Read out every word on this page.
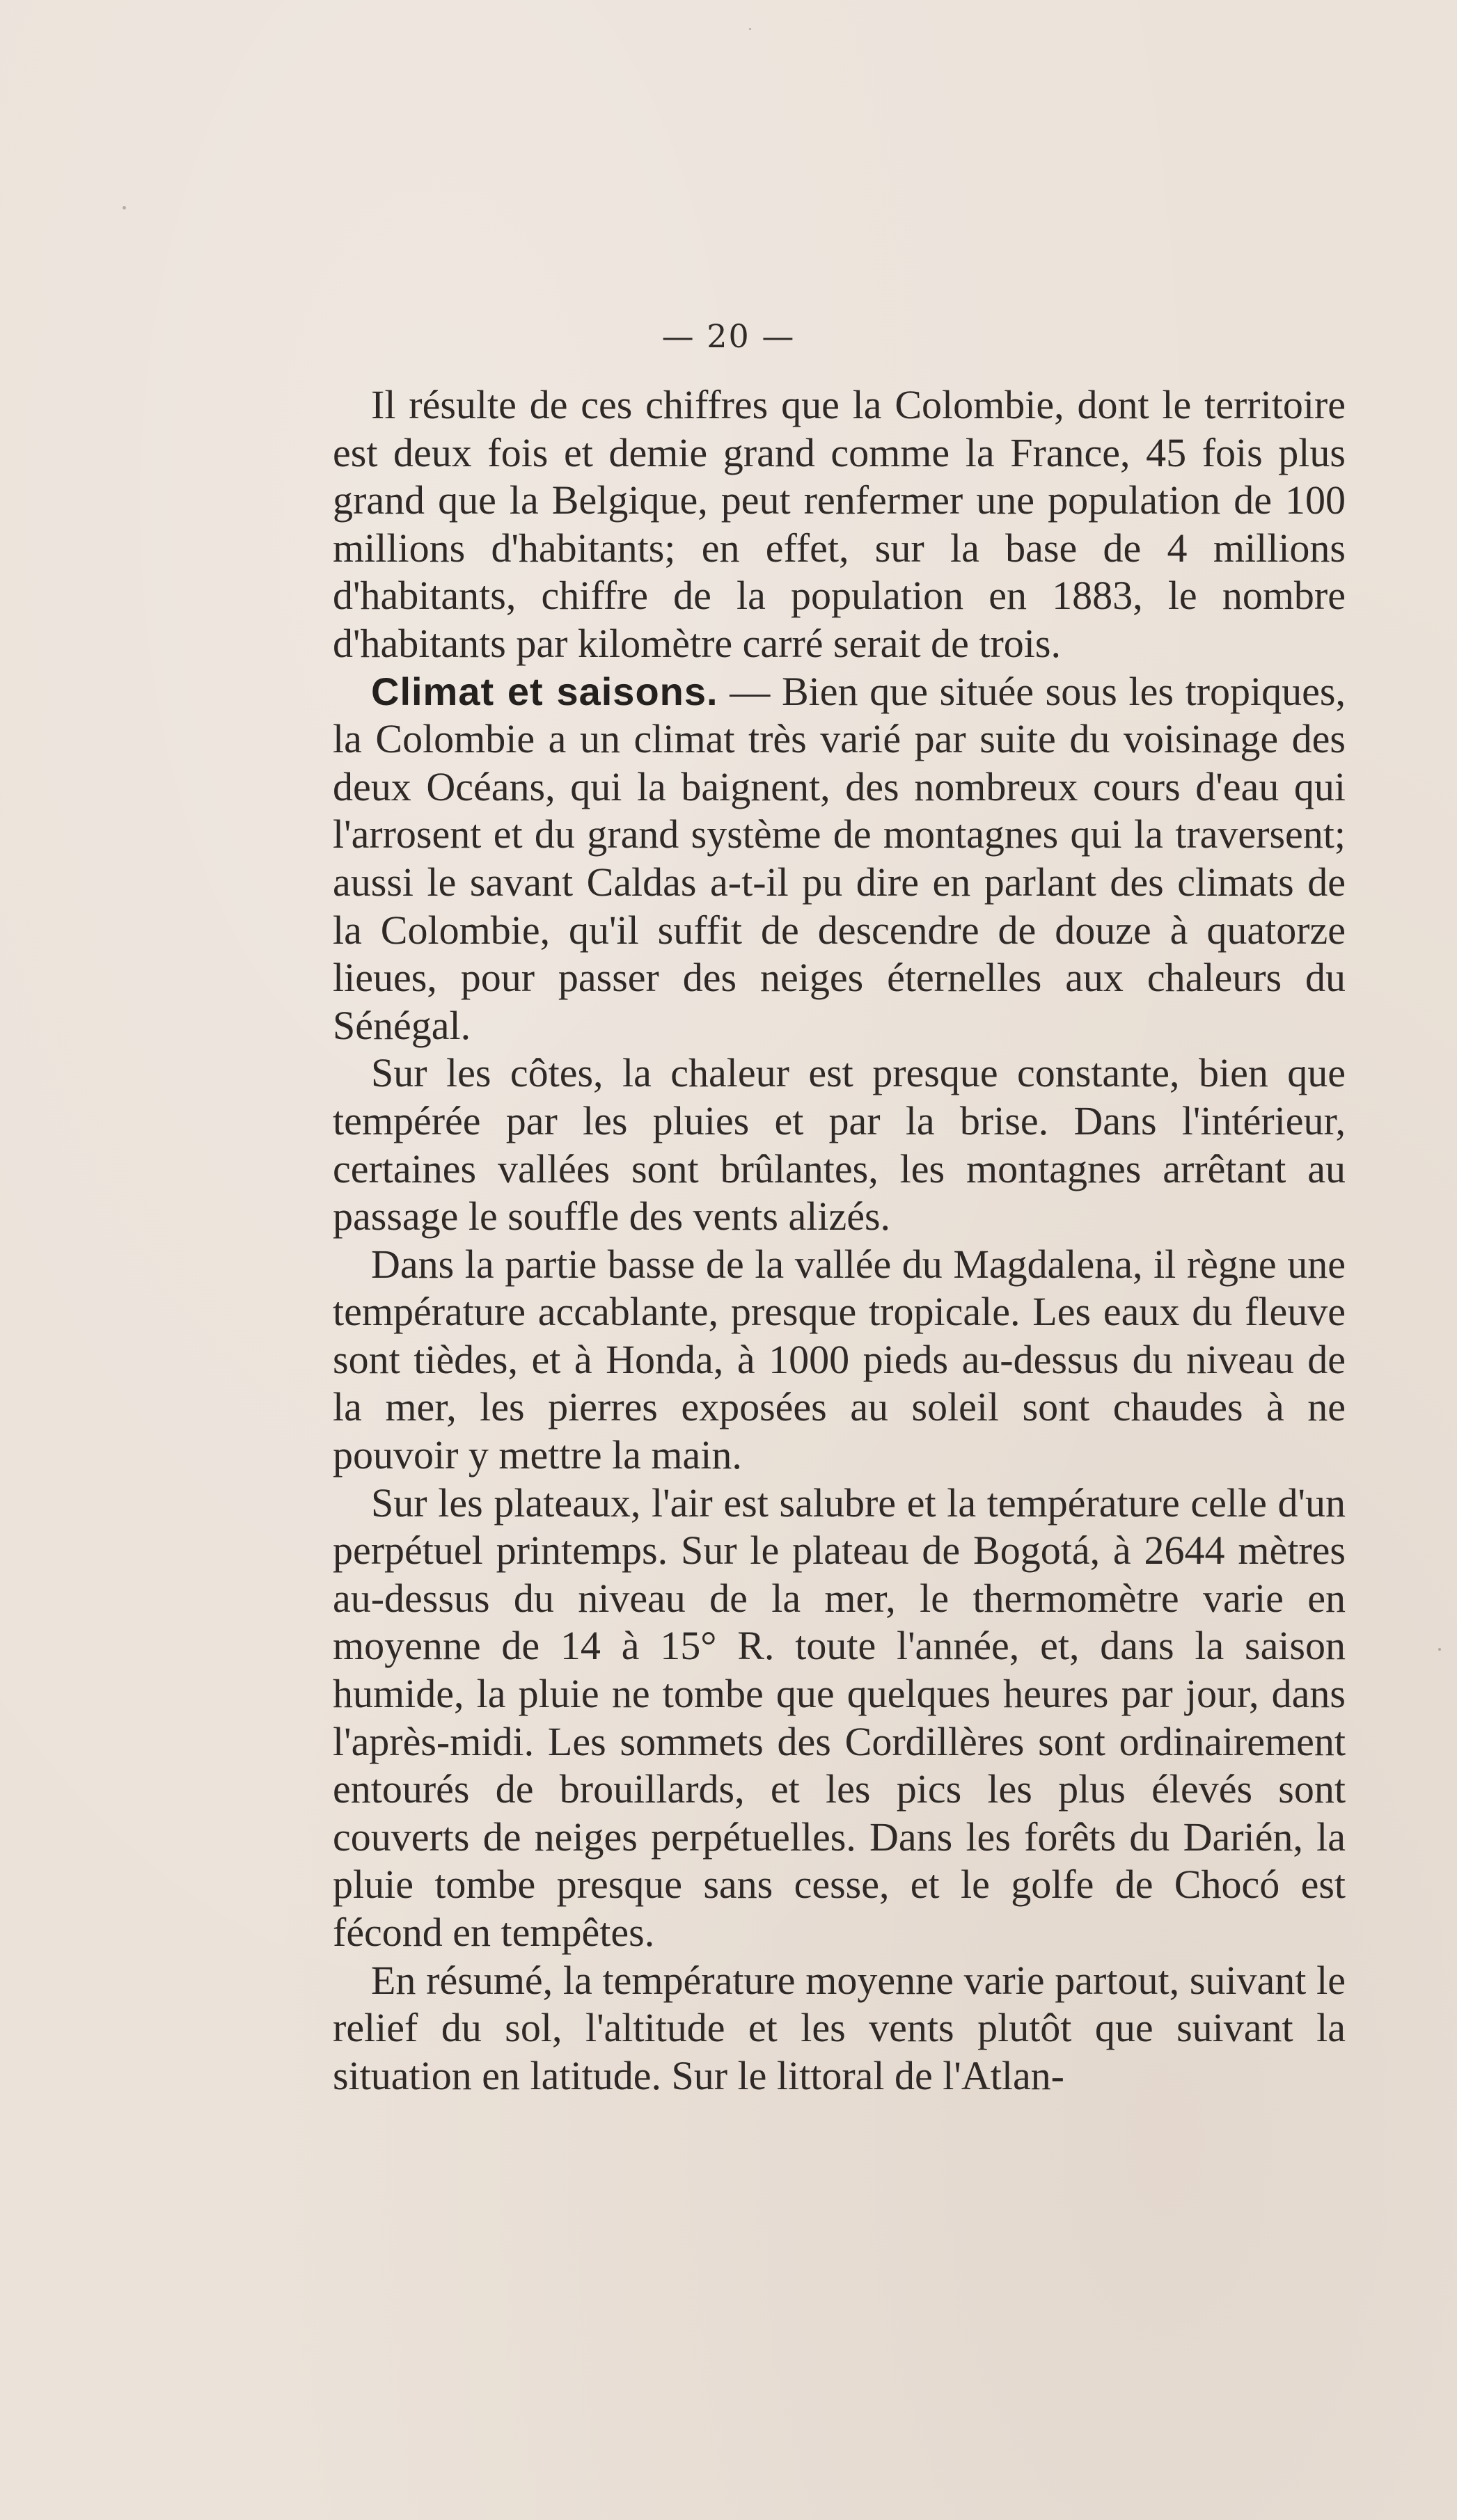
— 20 —

Il résulte de ces chiffres que la Colombie, dont le territoire est deux fois et demie grand comme la France, 45 fois plus grand que la Belgique, peut renfermer une population de 100 millions d'habitants; en effet, sur la base de 4 millions d'habitants, chiffre de la population en 1883, le nombre d'habitants par kilomètre carré serait de trois.

Climat et saisons. — Bien que située sous les tropiques, la Colombie a un climat très varié par suite du voisinage des deux Océans, qui la baignent, des nombreux cours d'eau qui l'arrosent et du grand système de montagnes qui la traversent; aussi le savant Caldas a-t-il pu dire en parlant des climats de la Colombie, qu'il suffit de descendre de douze à quatorze lieues, pour passer des neiges éternelles aux chaleurs du Sénégal.

Sur les côtes, la chaleur est presque constante, bien que tempérée par les pluies et par la brise. Dans l'intérieur, certaines vallées sont brûlantes, les montagnes arrêtant au passage le souffle des vents alizés.

Dans la partie basse de la vallée du Magdalena, il règne une température accablante, presque tropicale. Les eaux du fleuve sont tièdes, et à Honda, à 1000 pieds au-dessus du niveau de la mer, les pierres exposées au soleil sont chaudes à ne pouvoir y mettre la main.

Sur les plateaux, l'air est salubre et la température celle d'un perpétuel printemps. Sur le plateau de Bogotá, à 2644 mètres au-dessus du niveau de la mer, le thermomètre varie en moyenne de 14 à 15° R. toute l'année, et, dans la saison humide, la pluie ne tombe que quelques heures par jour, dans l'après-midi. Les sommets des Cordillères sont ordinairement entourés de brouillards, et les pics les plus élevés sont couverts de neiges perpétuelles. Dans les forêts du Darién, la pluie tombe presque sans cesse, et le golfe de Chocó est fécond en tempêtes.

En résumé, la température moyenne varie partout, suivant le relief du sol, l'altitude et les vents plutôt que suivant la situation en latitude. Sur le littoral de l'Atlan-
